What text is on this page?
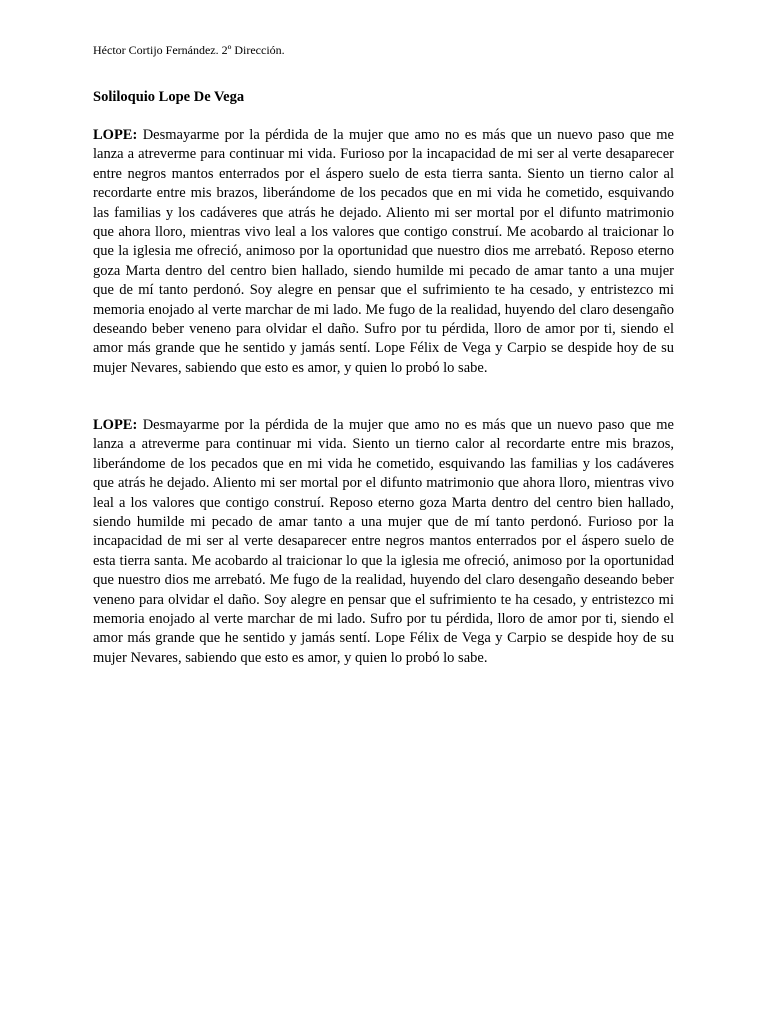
Héctor Cortijo Fernández. 2º Dirección.
Soliloquio Lope De Vega

LOPE: Desmayarme por la pérdida de la mujer que amo no es más que un nuevo paso que me lanza a atreverme para continuar mi vida. Furioso por la incapacidad de mi ser al verte desaparecer entre negros mantos enterrados por el áspero suelo de esta tierra santa. Siento un tierno calor al recordarte entre mis brazos, liberándome de los pecados que en mi vida he cometido, esquivando las familias y los cadáveres que atrás he dejado. Aliento mi ser mortal por el difunto matrimonio que ahora lloro, mientras vivo leal a los valores que contigo construí. Me acobardo al traicionar lo que la iglesia me ofreció, animoso por la oportunidad que nuestro dios me arrebató. Reposo eterno goza Marta dentro del centro bien hallado, siendo humilde mi pecado de amar tanto a una mujer que de mí tanto perdonó. Soy alegre en pensar que el sufrimiento te ha cesado, y entristezco mi memoria enojado al verte marchar de mi lado. Me fugo de la realidad, huyendo del claro desengaño deseando beber veneno para olvidar el daño. Sufro por tu pérdida, lloro de amor por ti, siendo el amor más grande que he sentido y jamás sentí. Lope Félix de Vega y Carpio se despide hoy de su mujer Nevares, sabiendo que esto es amor, y quien lo probó lo sabe.

LOPE: Desmayarme por la pérdida de la mujer que amo no es más que un nuevo paso que me lanza a atreverme para continuar mi vida. Siento un tierno calor al recordarte entre mis brazos, liberándome de los pecados que en mi vida he cometido, esquivando las familias y los cadáveres que atrás he dejado. Aliento mi ser mortal por el difunto matrimonio que ahora lloro, mientras vivo leal a los valores que contigo construí. Reposo eterno goza Marta dentro del centro bien hallado, siendo humilde mi pecado de amar tanto a una mujer que de mí tanto perdonó. Furioso por la incapacidad de mi ser al verte desaparecer entre negros mantos enterrados por el áspero suelo de esta tierra santa. Me acobardo al traicionar lo que la iglesia me ofreció, animoso por la oportunidad que nuestro dios me arrebató. Me fugo de la realidad, huyendo del claro desengaño deseando beber veneno para olvidar el daño. Soy alegre en pensar que el sufrimiento te ha cesado, y entristezco mi memoria enojado al verte marchar de mi lado. Sufro por tu pérdida, lloro de amor por ti, siendo el amor más grande que he sentido y jamás sentí. Lope Félix de Vega y Carpio se despide hoy de su mujer Nevares, sabiendo que esto es amor, y quien lo probó lo sabe.
